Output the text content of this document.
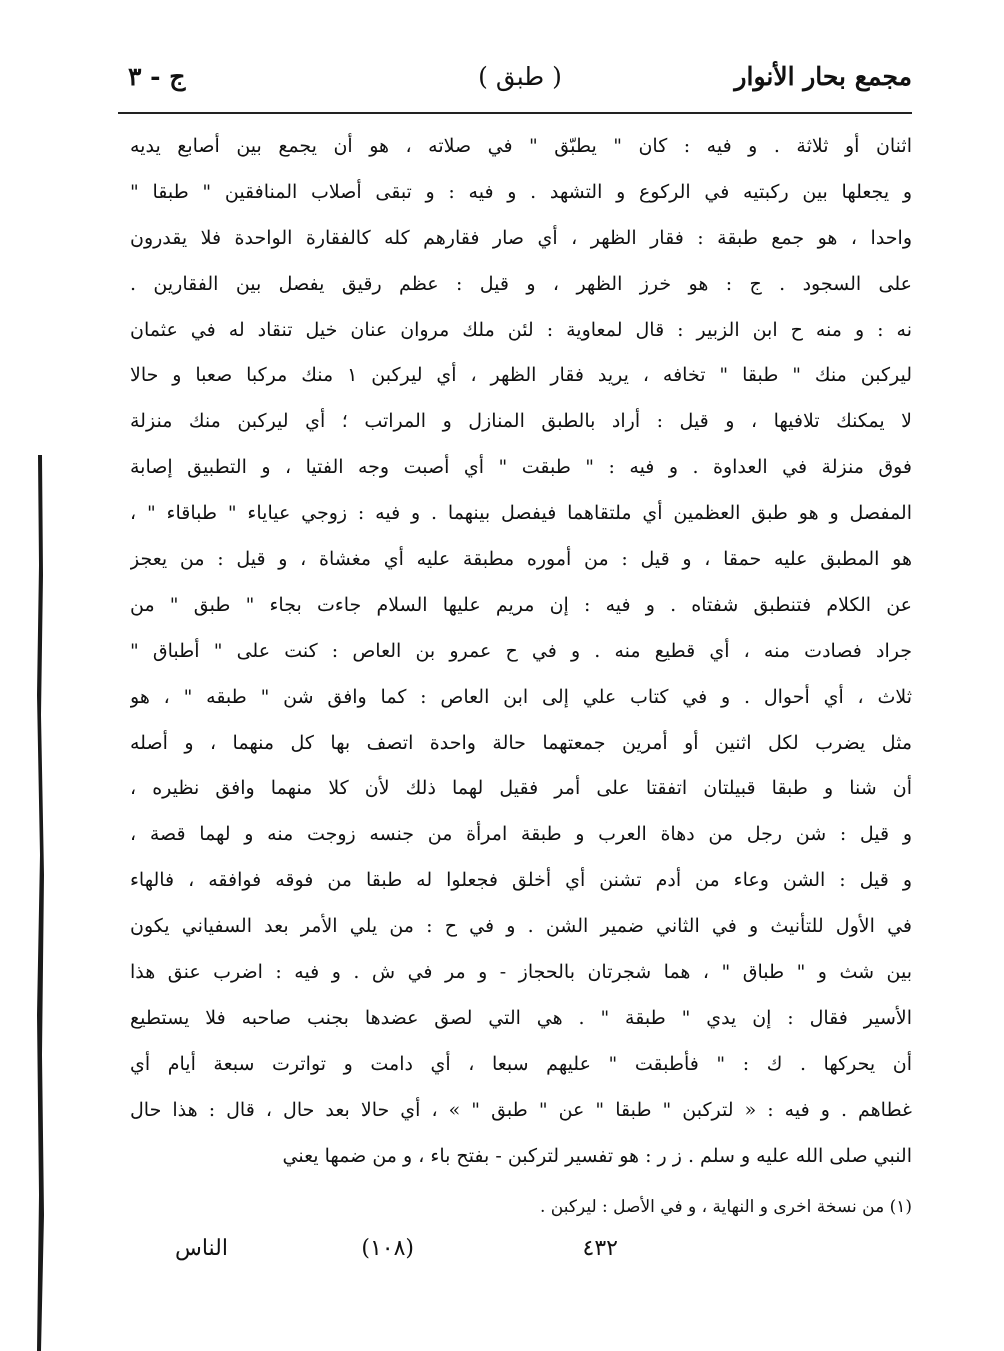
مجمع بحار الأنوار
( طبق )
ج - ٣
اثنان أو ثلاثة . و فيه : كان " يطبّق " في صلاته ، هو أن يجمع بين أصابع يديه
و يجعلها بين ركبتيه في الركوع و التشهد . و فيه : و تبقى أصلاب المنافقين " طبقا "
واحدا ، هو جمع طبقة : فقار الظهر ، أي صار فقارهم كله كالفقارة الواحدة فلا يقدرون
على السجود . ج : هو خرز الظهر ، و قيل : عظم رقيق يفصل بين الفقارين .
نه : و منه ح ابن الزبير : قال لمعاوية : لئن ملك مروان عنان خيل تنقاد له في عثمان
ليركبن منك " طبقا " تخافه ، يريد فقار الظهر ، أي ليركبن ١ منك مركبا صعبا و حالا
لا يمكنك تلافيها ، و قيل : أراد بالطبق المنازل و المراتب ؛ أي ليركبن منك منزلة
فوق منزلة في العداوة . و فيه : " طبقت " أي أصبت وجه الفتيا ، و التطبيق إصابة
المفصل و هو طبق العظمين أي ملتقاهما فيفصل بينهما . و فيه : زوجي عياياء " طباقاء " ،
هو المطبق عليه حمقا ، و قيل : من أموره مطبقة عليه أي مغشاة ، و قيل : من يعجز
عن الكلام فتنطبق شفتاه . و فيه : إن مريم عليها السلام جاءت بجاء " طبق " من
جراد فصادت منه ، أي قطيع منه . و في ح عمرو بن العاص : كنت على " أطباق "
ثلاث ، أي أحوال . و في كتاب علي إلى ابن العاص : كما وافق شن " طبقه " ، هو
مثل يضرب لكل اثنين أو أمرين جمعتهما حالة واحدة اتصف بها كل منهما ، و أصله
أن شنا و طبقا قبيلتان اتفقتا على أمر فقيل لهما ذلك لأن كلا منهما وافق نظيره ،
و قيل : شن رجل من دهاة العرب و طبقة امرأة من جنسه زوجت منه و لهما قصة ،
و قيل : الشن وعاء من أدم تشنن أي أخلق فجعلوا له طبقا من فوقه فوافقه ، فالهاء
في الأول للتأنيث و في الثاني ضمير الشن . و في ح : من يلي الأمر بعد السفياني يكون
بين شث و " طباق " ، هما شجرتان بالحجاز - و مر في ش . و فيه : اضرب عنق هذا
الأسير فقال : إن يدي " طبقة " . هي التي لصق عضدها بجنب صاحبه فلا يستطيع
أن يحركها . ك : " فأطبقت " عليهم سبعا ، أي دامت و تواترت سبعة أيام أي
غطاهم . و فيه : « لتركبن " طبقا " عن " طبق " » ، أي حالا بعد حال ، قال : هذا حال
النبي صلى الله عليه و سلم . ز ر : هو تفسير لتركبن - بفتح باء ، و من ضمها يعني
(١) من نسخة اخرى و النهاية ، و في الأصل : ليركبن .
٤٣٢
(١٠٨)
الناس
